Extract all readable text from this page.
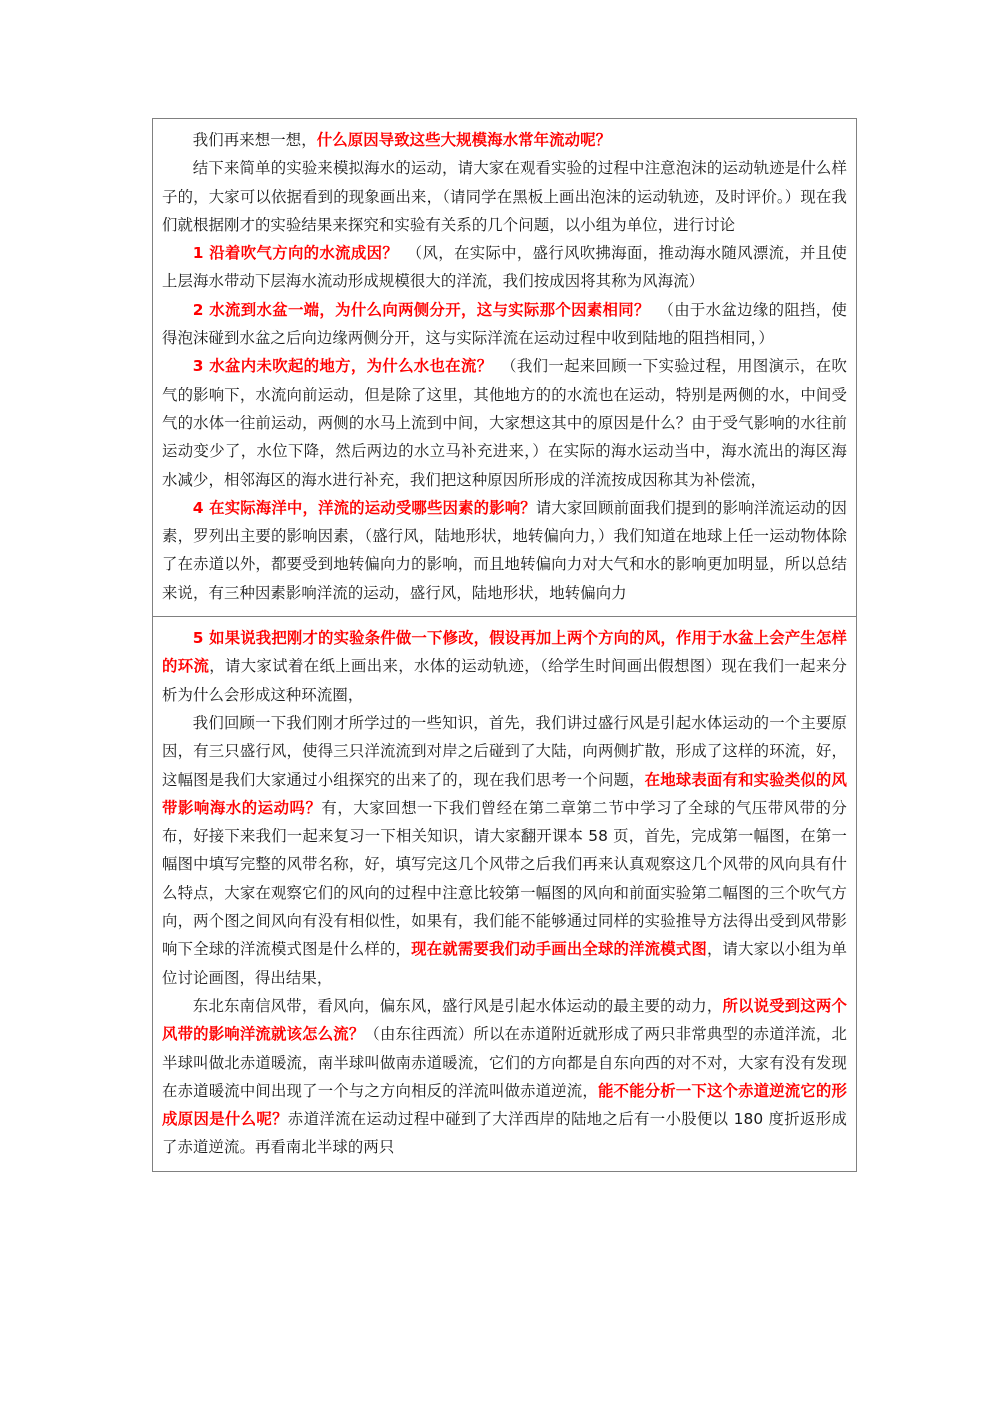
我们再来想一想，什么原因导致这些大规模海水常年流动呢？

结下来简单的实验来模拟海水的运动，请大家在观看实验的过程中注意泡沫的运动轨迹是什么样子的，大家可以依据看到的现象画出来，（请同学在黑板上画出泡沫的运动轨迹，及时评价。）现在我们就根据刚才的实验结果来探究和实验有关系的几个问题，以小组为单位，进行讨论

1 沿着吹气方向的水流成因？ （风，在实际中，盛行风吹拂海面，推动海水随风漂流，并且使上层海水带动下层海水流动形成规模很大的洋流，我们按成因将其称为风海流）

2 水流到水盆一端，为什么向两侧分开，这与实际那个因素相同？ （由于水盆边缘的阻挡，使得泡沫碰到水盆之后向边缘两侧分开，这与实际洋流在运动过程中收到陆地的阻挡相同，）

3 水盆内未吹起的地方，为什么水也在流？ （我们一起来回顾一下实验过程，用图演示，在吹气的影响下，水流向前运动，但是除了这里，其他地方的的水流也在运动，特别是两侧的水，中间受气的水体一往前运动，两侧的水马上流到中间，大家想这其中的原因是什么？由于受气影响的水往前运动变少了，水位下降，然后两边的水立马补充进来，）在实际的海水运动当中，海水流出的海区海水减少，相邻海区的海水进行补充，我们把这种原因所形成的洋流按成因称其为补偿流，

4 在实际海洋中，洋流的运动受哪些因素的影响？请大家回顾前面我们提到的影响洋流运动的因素，罗列出主要的影响因素，（盛行风，陆地形状，地转偏向力，）我们知道在地球上任一运动物体除了在赤道以外，都要受到地转偏向力的影响，而且地转偏向力对大气和水的影响更加明显，所以总结来说，有三种因素影响洋流的运动，盛行风，陆地形状，地转偏向力

5 如果说我把刚才的实验条件做一下修改，假设再加上两个方向的风，作用于水盆上会产生怎样的环流，请大家试着在纸上画出来，水体的运动轨迹，（给学生时间画出假想图）现在我们一起来分析为什么会形成这种环流圈，

我们回顾一下我们刚才所学过的一些知识，首先，我们讲过盛行风是引起水体运动的一个主要原因，有三只盛行风，使得三只洋流流到对岸之后碰到了大陆，向两侧扩散，形成了这样的环流，好，这幅图是我们大家通过小组探究的出来了的，现在我们思考一个问题，在地球表面有和实验类似的风带影响海水的运动吗？有，大家回想一下我们曾经在第二章第二节中学习了全球的气压带风带的分布，好接下来我们一起来复习一下相关知识，请大家翻开课本 58 页，首先，完成第一幅图，在第一幅图中填写完整的风带名称，好，填写完这几个风带之后我们再来认真观察这几个风带的风向具有什么特点，大家在观察它们的风向的过程中注意比较第一幅图的风向和前面实验第二幅图的三个吹气方向，两个图之间风向有没有相似性，如果有，我们能不能够通过同样的实验推导方法得出受到风带影响下全球的洋流模式图是什么样的，现在就需要我们动手画出全球的洋流模式图，请大家以小组为单位讨论画图，得出结果，

东北东南信风带，看风向，偏东风，盛行风是引起水体运动的最主要的动力，所以说受到这两个风带的影响洋流就该怎么流？（由东往西流）所以在赤道附近就形成了两只非常典型的赤道洋流，北半球叫做北赤道暖流，南半球叫做南赤道暖流，它们的方向都是自东向西的对不对，大家有没有发现在赤道暖流中间出现了一个与之方向相反的洋流叫做赤道逆流，能不能分析一下这个赤道逆流它的形成原因是什么呢？赤道洋流在运动过程中碰到了大洋西岸的陆地之后有一小股便以 180 度折返形成了赤道逆流。再看南北半球的两只
